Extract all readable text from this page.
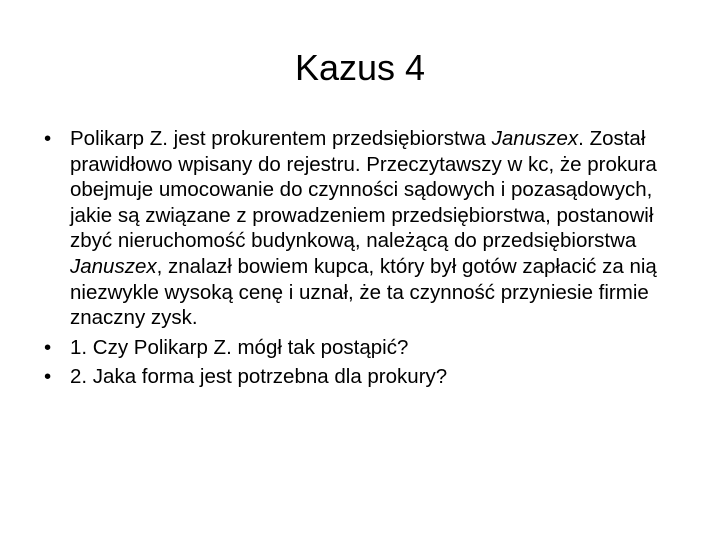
Kazus 4
• Polikarp Z. jest prokurentem przedsiębiorstwa Januszex. Został prawidłowo wpisany do rejestru. Przeczytawszy w kc, że prokura obejmuje umocowanie do czynności sądowych i pozasądowych, jakie są związane z prowadzeniem przedsiębiorstwa, postanowił zbyć nieruchomość budynkową, należącą do przedsiębiorstwa Januszex, znalazł bowiem kupca, który był gotów zapłacić za nią niezwykle wysoką cenę i uznał, że ta czynność przyniesie firmie znaczny zysk.
• 1. Czy Polikarp Z. mógł tak postąpić?
• 2. Jaka forma jest potrzebna dla prokury?
